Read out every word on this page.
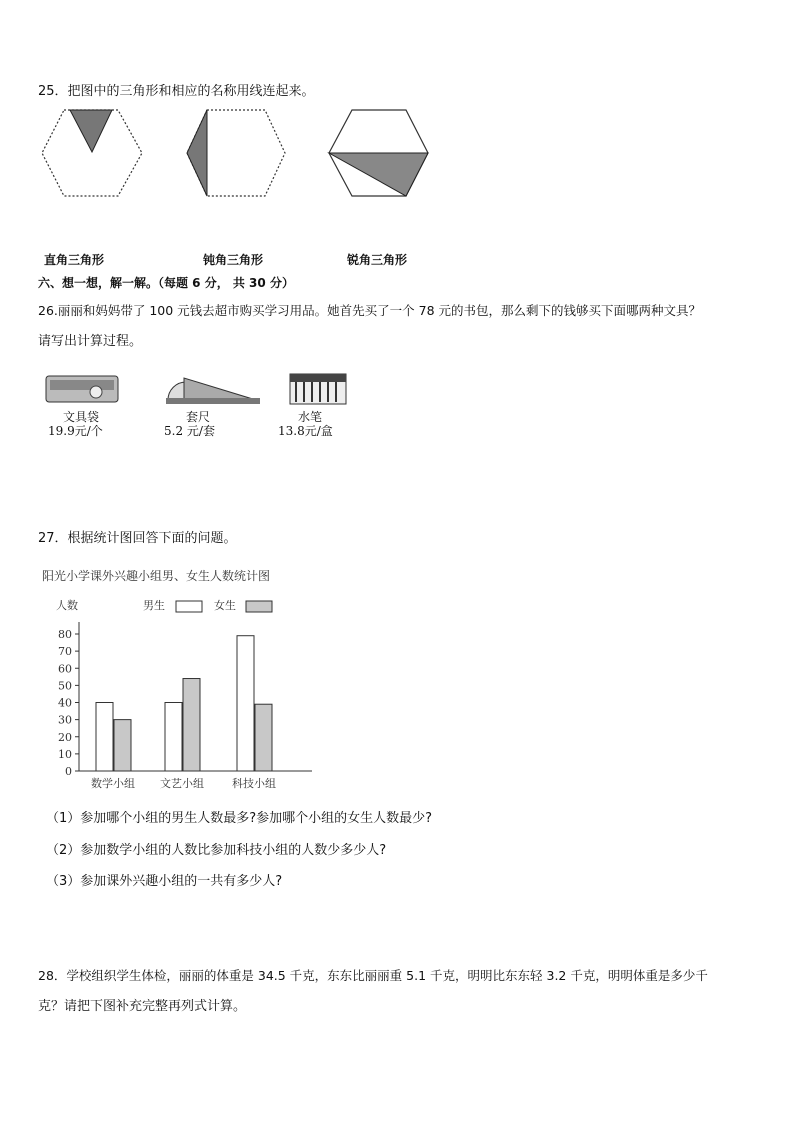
25．把图中的三角形和相应的名称用线连起来。
直角三角形	钝角三角形	锐角三角形
六、想一想，解一解。（每题 6 分， 共 30 分）
26.丽丽和妈妈带了 100 元钱去超市购买学习用品。她首先买了一个 78 元的书包，那么剩下的钱够买下面哪两种文具？
请写出计算过程。
文具袋
19.9元/个
套尺
5.2 元/套
水笔
13.8元/盒
27．根据统计图回答下面的问题。
阳光小学课外兴趣小组男、女生人数统计图
人数	男生	女生
0
10
20
30
40
50
60
70
80
数学小组 文艺小组	科技小组
（1）参加哪个小组的男生人数最多?参加哪个小组的女生人数最少?
（2）参加数学小组的人数比参加科技小组的人数少多少人?
（3）参加课外兴趣小组的一共有多少人?
28．学校组织学生体检，丽丽的体重是 34.5 千克，东东比丽丽重 5.1 千克，明明比东东轻 3.2 千克，明明体重是多少千
克？请把下图补充完整再列式计算。
